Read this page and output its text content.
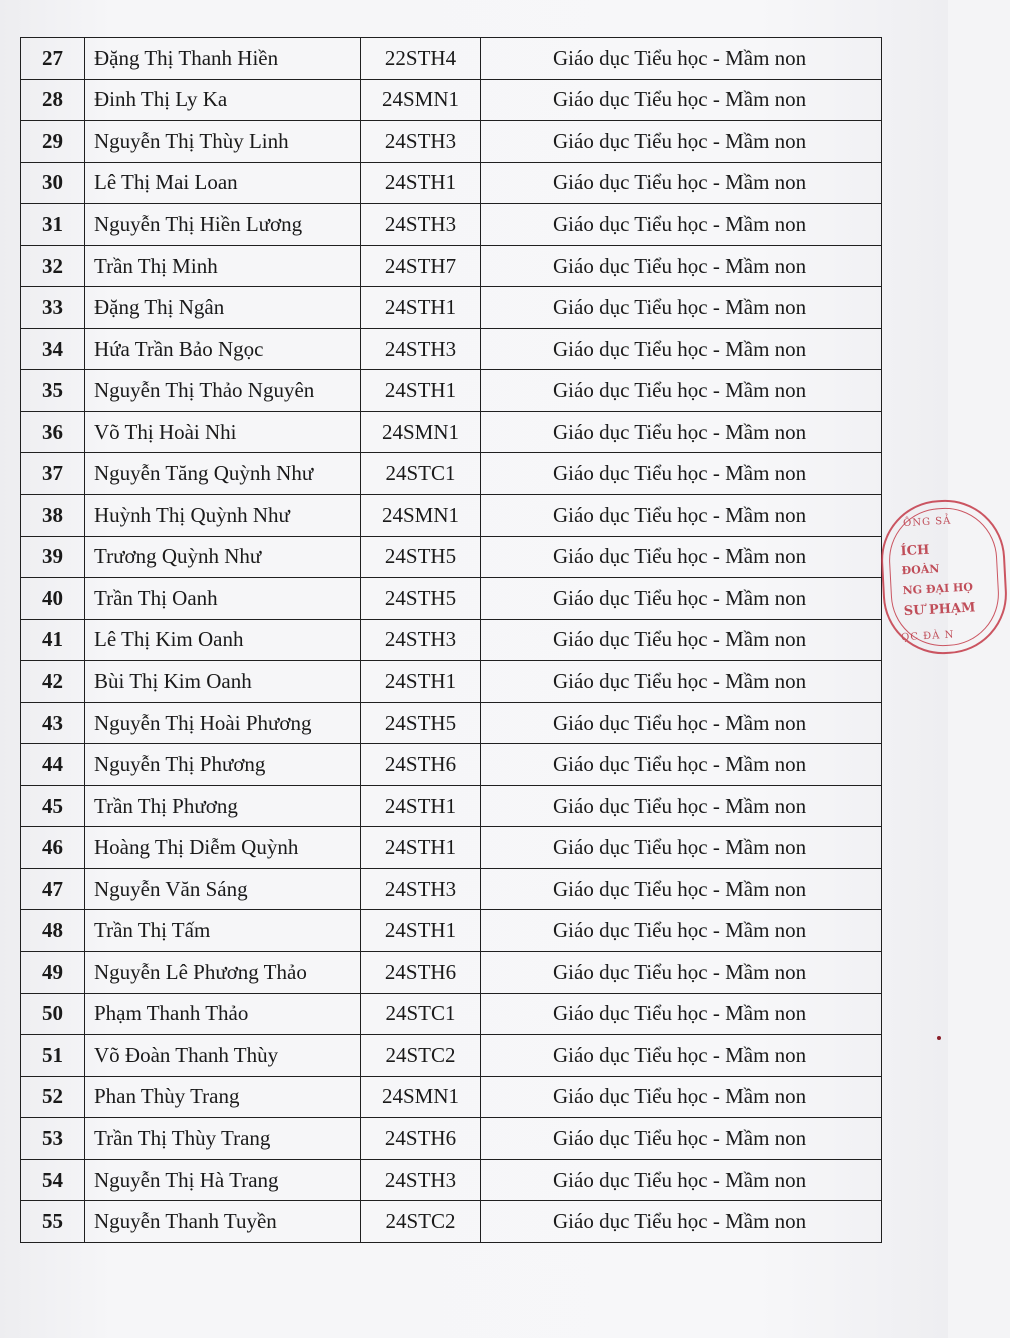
27	Đặng Thị Thanh Hiền	22STH4	Giáo dục Tiểu học - Mầm non
28	Đinh Thị Ly Ka	24SMN1	Giáo dục Tiểu học - Mầm non
29	Nguyễn Thị Thùy Linh	24STH3	Giáo dục Tiểu học - Mầm non
30	Lê Thị Mai Loan	24STH1	Giáo dục Tiểu học - Mầm non
31	Nguyễn Thị Hiền Lương	24STH3	Giáo dục Tiểu học - Mầm non
32	Trần Thị Minh	24STH7	Giáo dục Tiểu học - Mầm non
33	Đặng Thị Ngân	24STH1	Giáo dục Tiểu học - Mầm non
34	Hứa Trần Bảo Ngọc	24STH3	Giáo dục Tiểu học - Mầm non
35	Nguyễn Thị Thảo Nguyên	24STH1	Giáo dục Tiểu học - Mầm non
36	Võ Thị Hoài Nhi	24SMN1	Giáo dục Tiểu học - Mầm non
37	Nguyễn Tăng Quỳnh Như	24STC1	Giáo dục Tiểu học - Mầm non
38	Huỳnh Thị Quỳnh Như	24SMN1	Giáo dục Tiểu học - Mầm non
39	Trương Quỳnh Như	24STH5	Giáo dục Tiểu học - Mầm non
40	Trần Thị Oanh	24STH5	Giáo dục Tiểu học - Mầm non
41	Lê Thị Kim Oanh	24STH3	Giáo dục Tiểu học - Mầm non
42	Bùi Thị Kim Oanh	24STH1	Giáo dục Tiểu học - Mầm non
43	Nguyễn Thị Hoài Phương	24STH5	Giáo dục Tiểu học - Mầm non
44	Nguyễn Thị Phương	24STH6	Giáo dục Tiểu học - Mầm non
45	Trần Thị Phương	24STH1	Giáo dục Tiểu học - Mầm non
46	Hoàng Thị Diễm Quỳnh	24STH1	Giáo dục Tiểu học - Mầm non
47	Nguyễn Văn Sáng	24STH3	Giáo dục Tiểu học - Mầm non
48	Trần Thị Tấm	24STH1	Giáo dục Tiểu học - Mầm non
49	Nguyễn Lê Phương Thảo	24STH6	Giáo dục Tiểu học - Mầm non
50	Phạm Thanh Thảo	24STC1	Giáo dục Tiểu học - Mầm non
51	Võ Đoàn Thanh Thùy	24STC2	Giáo dục Tiểu học - Mầm non
52	Phan Thùy Trang	24SMN1	Giáo dục Tiểu học - Mầm non
53	Trần Thị Thùy Trang	24STH6	Giáo dục Tiểu học - Mầm non
54	Nguyễn Thị Hà Trang	24STH3	Giáo dục Tiểu học - Mầm non
55	Nguyễn Thanh Tuyền	24STC2	Giáo dục Tiểu học - Mầm non
ÔNG SẢ
ÍCH
ĐOÀN
NG ĐẠI HỌ
SƯ PHẠM
ỌC ĐÀ N
